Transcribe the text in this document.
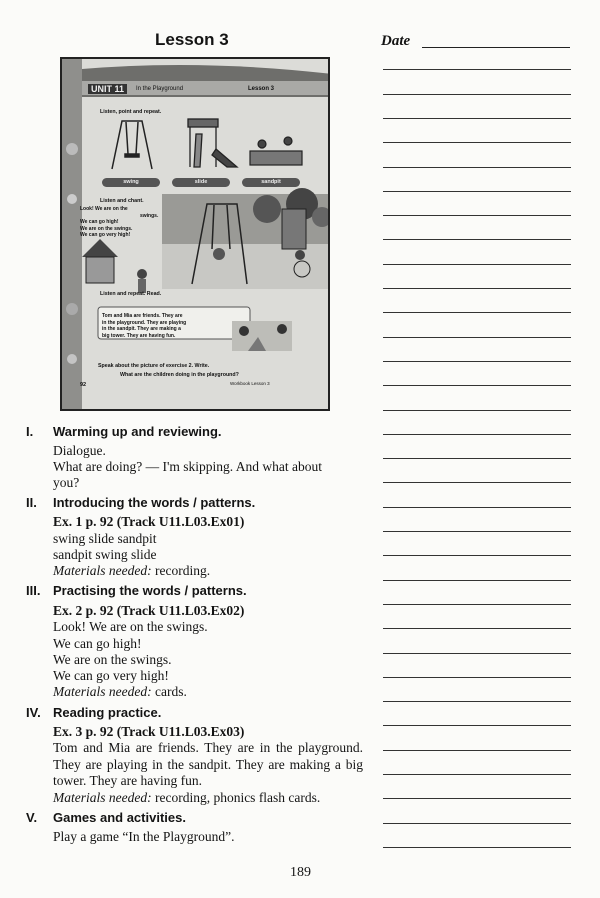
Lesson 3	Date
UNIT 11	In the Playground	Lesson 3
Listen, point and repeat.
swing	slide	sandpit
Listen and chant.
Look! We are on the
swings.
We can go high!
We are on the swings.
We can go very high!
Listen and repeat. Read.
Tom and Mia are friends. They are
in the playground. They are playing
in the sandpit. They are making a
big tower. They are having fun.
Speak about the picture of exercise 2. Write.
What are the children doing in the playground?
92	Workbook Lesson 3
I. Warming up and reviewing.
Dialogue.
What are doing? — I'm skipping. And what about
you?
II. Introducing the words / patterns.
Ex. 1 p. 92 (Track U11.L03.Ex01)
swing slide sandpit
sandpit swing slide
Materials needed: recording.
III. Practising the words / patterns.
Ex. 2 p. 92 (Track U11.L03.Ex02)
Look! We are on the swings.
We can go high!
We are on the swings.
We can go very high!
Materials needed: cards.
IV. Reading practice.
Ex. 3 p. 92 (Track U11.L03.Ex03)
Tom and Mia are friends. They are in the playground. They are playing in the sandpit. They are making a big tower. They are having fun.
Materials needed: recording, phonics flash cards.
V. Games and activities.
Play a game “In the Playground”.
189
